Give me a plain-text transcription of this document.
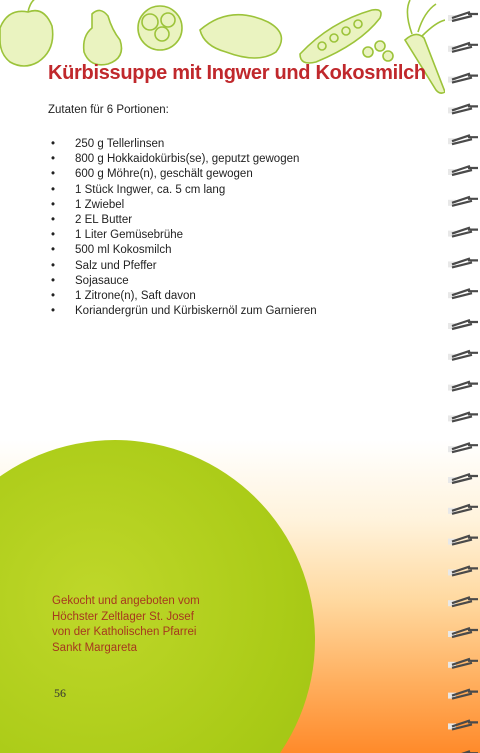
Kürbissuppe mit Ingwer und Kokosmilch
Zutaten für 6 Portionen:
• 250 g Tellerlinsen
• 800 g Hokkaidokürbis(se), geputzt gewogen
• 600 g Möhre(n), geschält gewogen
• 1 Stück Ingwer, ca. 5 cm lang
• 1 Zwiebel
• 2 EL Butter
• 1 Liter Gemüsebrühe
• 500 ml Kokosmilch
• Salz und Pfeffer
• Sojasauce
• 1 Zitrone(n), Saft davon
• Koriandergrün und Kürbiskernöl zum Garnieren
Gekocht und angeboten vom
Höchster Zeltlager St. Josef
von der Katholischen Pfarrei
Sankt Margareta
56
